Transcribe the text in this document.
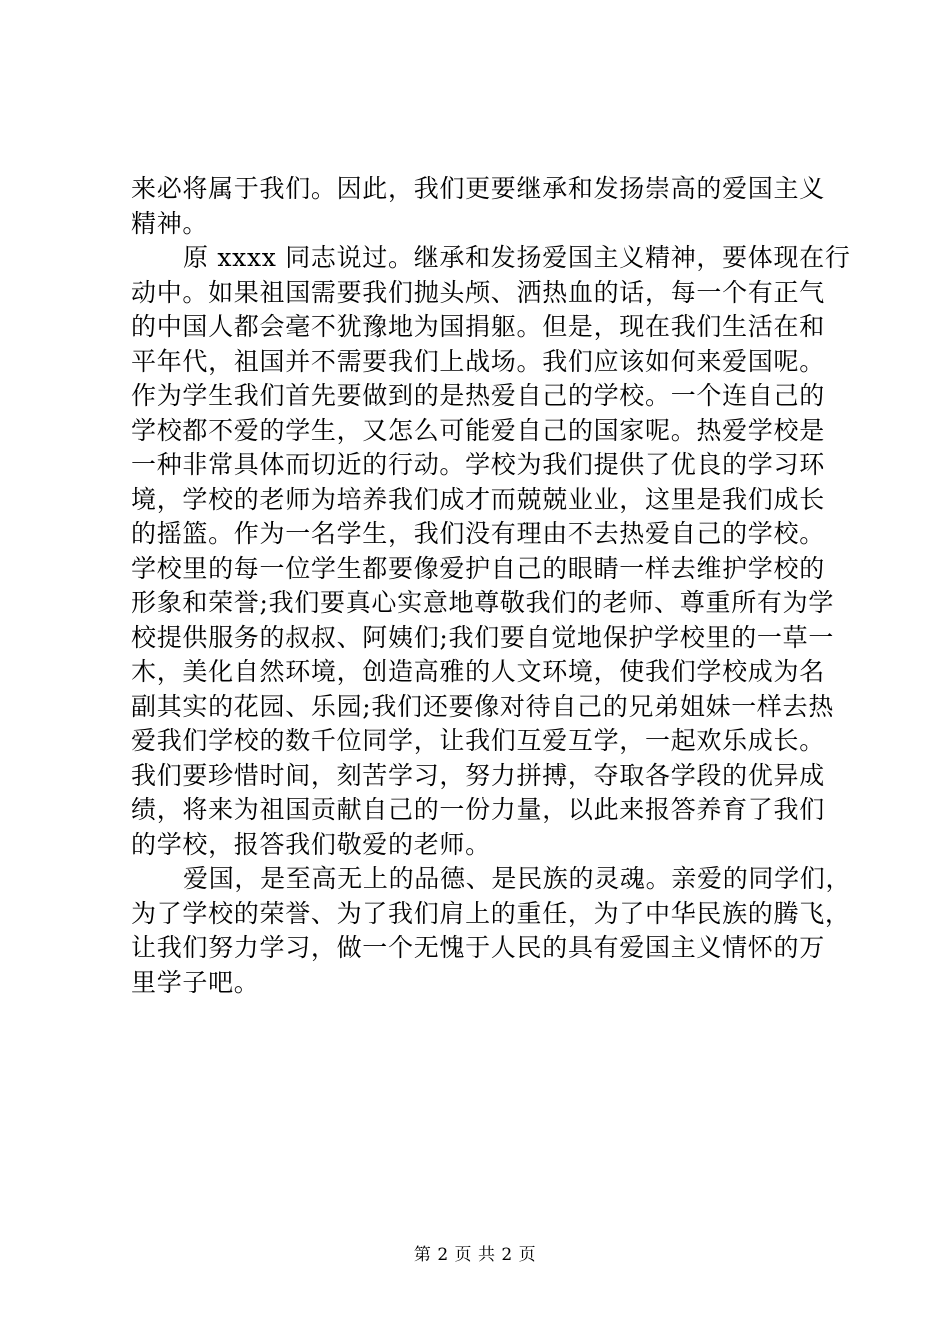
来必将属于我们。因此，我们更要继承和发扬崇高的爱国主义
精神。
原 xxxx 同志说过。继承和发扬爱国主义精神，要体现在行
动中。如果祖国需要我们抛头颅、洒热血的话，每一个有正气
的中国人都会毫不犹豫地为国捐躯。但是，现在我们生活在和
平年代，祖国并不需要我们上战场。我们应该如何来爱国呢。
作为学生我们首先要做到的是热爱自己的学校。一个连自己的
学校都不爱的学生，又怎么可能爱自己的国家呢。热爱学校是
一种非常具体而切近的行动。学校为我们提供了优良的学习环
境，学校的老师为培养我们成才而兢兢业业，这里是我们成长
的摇篮。作为一名学生，我们没有理由不去热爱自己的学校。
学校里的每一位学生都要像爱护自己的眼睛一样去维护学校的
形象和荣誉;我们要真心实意地尊敬我们的老师、尊重所有为学
校提供服务的叔叔、阿姨们;我们要自觉地保护学校里的一草一
木，美化自然环境，创造高雅的人文环境，使我们学校成为名
副其实的花园、乐园;我们还要像对待自己的兄弟姐妹一样去热
爱我们学校的数千位同学，让我们互爱互学，一起欢乐成长。
我们要珍惜时间，刻苦学习，努力拼搏，夺取各学段的优异成
绩，将来为祖国贡献自己的一份力量，以此来报答养育了我们
的学校，报答我们敬爱的老师。
爱国，是至高无上的品德、是民族的灵魂。亲爱的同学们，
为了学校的荣誉、为了我们肩上的重任，为了中华民族的腾飞，
让我们努力学习，做一个无愧于人民的具有爱国主义情怀的万
里学子吧。
第 2 页 共 2 页
